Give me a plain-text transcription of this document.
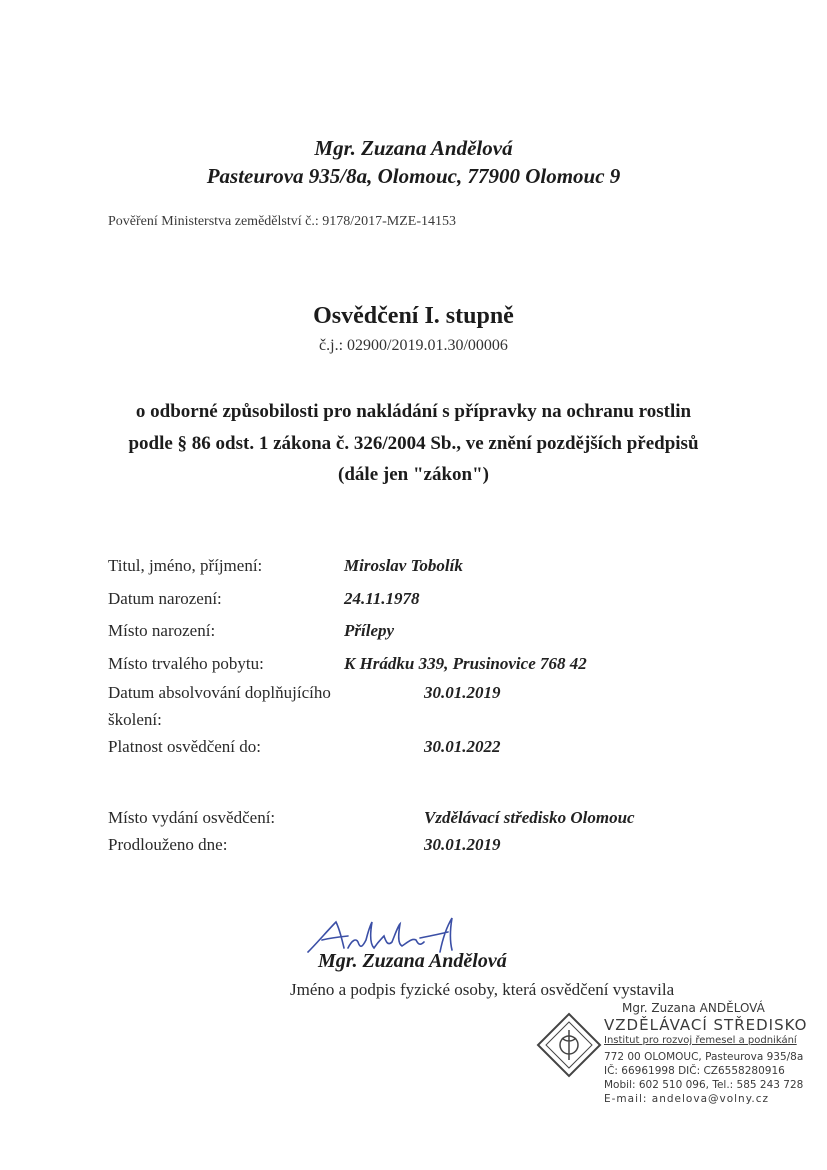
Mgr. Zuzana Andělová
Pasteurova 935/8a, Olomouc, 77900 Olomouc 9
Pověření Ministerstva zemědělství č.: 9178/2017-MZE-14153
Osvědčení I. stupně
č.j.: 02900/2019.01.30/00006
o odborné způsobilosti pro nakládání s přípravky na ochranu rostlin
podle § 86 odst. 1 zákona č. 326/2004 Sb., ve znění pozdějších předpisů
(dále jen "zákon")
Titul, jméno, příjmení:	Miroslav Tobolík
Datum narození:	24.11.1978
Místo narození:	Přílepy
Místo trvalého pobytu:	K Hrádku 339, Prusinovice 768 42
Datum absolvování doplňujícího
školení:
30.01.2019
Platnost osvědčení do:	30.01.2022
Místo vydání osvědčení:	Vzdělávací středisko Olomouc
Prodlouženo dne:	30.01.2019
Mgr. Zuzana Andělová
Jméno a podpis fyzické osoby, která osvědčení vystavila
Mgr. Zuzana ANDĚLOVÁ
VZDĚLÁVACÍ STŘEDISKO
Institut pro rozvoj řemesel a podnikání
772 00 OLOMOUC, Pasteurova 935/8a
IČ: 66961998 DIČ: CZ6558280916
Mobil: 602 510 096, Tel.: 585 243 728
E-mail: andelova@volny.cz
